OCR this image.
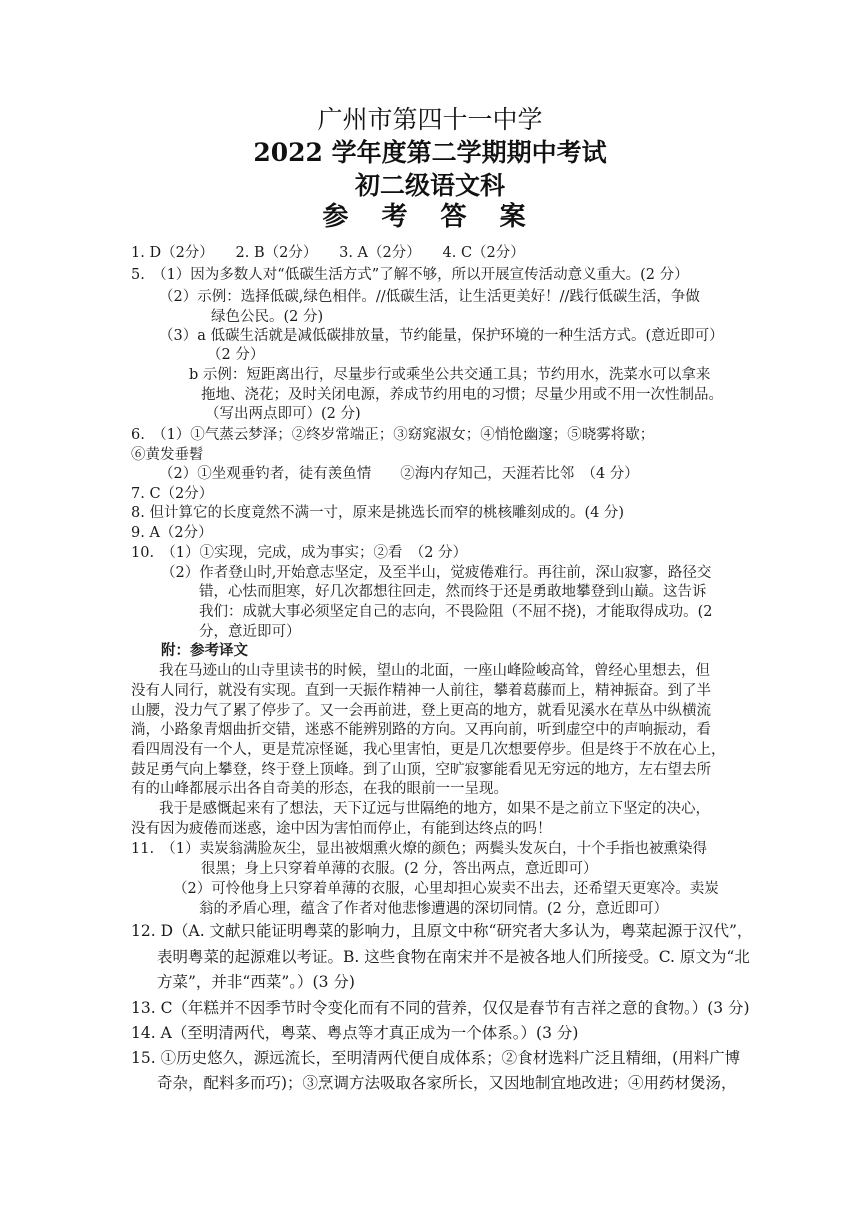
广州市第四十一中学
2022 学年度第二学期期中考试
初二级语文科
参 考 答 案
1. D（2分）　　2. B（2分）　　3. A（2分）　　4. C（2分）
5.　（1）因为多数人对“低碳生活方式”了解不够，所以开展宣传活动意义重大。(2 分）
（2）示例：选择低碳,绿色相伴。//低碳生活，让生活更美好！//践行低碳生活，争做
绿色公民。(2 分)
（3）a 低碳生活就是减低碳排放量，节约能量，保护环境的一种生活方式。(意近即可）
（2 分）
b 示例：短距离出行，尽量步行或乘坐公共交通工具；节约用水，洗菜水可以拿来
拖地、浇花；及时关闭电源，养成节约用电的习惯；尽量少用或不用一次性制品。
（写出两点即可）(2 分)
6.　（1）①气蒸云梦泽；②终岁常端正；③窈窕淑女；④悄怆幽邃；⑤晓雾将歇；
⑥黄发垂髫
（2）①坐观垂钓者，徒有羡鱼情　　②海内存知己，天涯若比邻　（4 分）
7. C（2分）
8. 但计算它的长度竟然不满一寸，原来是挑选长而窄的桃核雕刻成的。(4 分)
9. A（2分）
10.　（1）①实现，完成，成为事实；②看　（2 分）
（2）作者登山时,开始意志坚定，及至半山，觉疲倦难行。再往前，深山寂寥，路径交
错，心怯而胆寒，好几次都想往回走，然而终于还是勇敢地攀登到山巅。这告诉
我们：成就大事必须坚定自己的志向，不畏险阻（不屈不挠)，才能取得成功。(2
分，意近即可）
附：参考译文
我在马迹山的山寺里读书的时候，望山的北面，一座山峰险峻高耸，曾经心里想去，但
没有人同行，就没有实现。直到一天振作精神一人前往，攀着葛藤而上，精神振奋。到了半
山腰，没力气了累了停步了。又一会再前进，登上更高的地方，就看见溪水在草丛中纵横流
淌，小路象青烟曲折交错，迷惑不能辨别路的方向。又再向前，听到虚空中的声响振动，看
看四周没有一个人，更是荒凉怪诞，我心里害怕，更是几次想要停步。但是终于不放在心上，
鼓足勇气向上攀登，终于登上顶峰。到了山顶，空旷寂寥能看见无穷远的地方，左右望去所
有的山峰都展示出各自奇美的形态，在我的眼前一一呈现。
我于是感慨起来有了想法，天下辽远与世隔绝的地方，如果不是之前立下坚定的决心，
没有因为疲倦而迷惑，途中因为害怕而停止，有能到达终点的吗！
11.　（1）卖炭翁满脸灰尘，显出被烟熏火燎的颜色；两鬓头发灰白，十个手指也被熏染得
很黑；身上只穿着单薄的衣服。(2 分，答出两点，意近即可）
（2）可怜他身上只穿着单薄的衣服，心里却担心炭卖不出去，还希望天更寒冷。卖炭
翁的矛盾心理，蕴含了作者对他悲惨遭遇的深切同情。(2 分，意近即可）
12. D（A. 文献只能证明粤菜的影响力，且原文中称“研究者大多认为，粤菜起源于汉代”，
表明粤菜的起源难以考证。B. 这些食物在南宋并不是被各地人们所接受。C. 原文为“北
方菜”，并非“西菜”。）(3 分)
13. C（年糕并不因季节时令变化而有不同的营养，仅仅是春节有吉祥之意的食物。）(3 分)
14. A（至明清两代，粤菜、粤点等才真正成为一个体系。）(3 分)
15. ①历史悠久，源远流长，至明清两代便自成体系；②食材选料广泛且精细，(用料广博
奇杂，配料多而巧)；③烹调方法吸取各家所长，又因地制宜地改进；④用药材煲汤，
